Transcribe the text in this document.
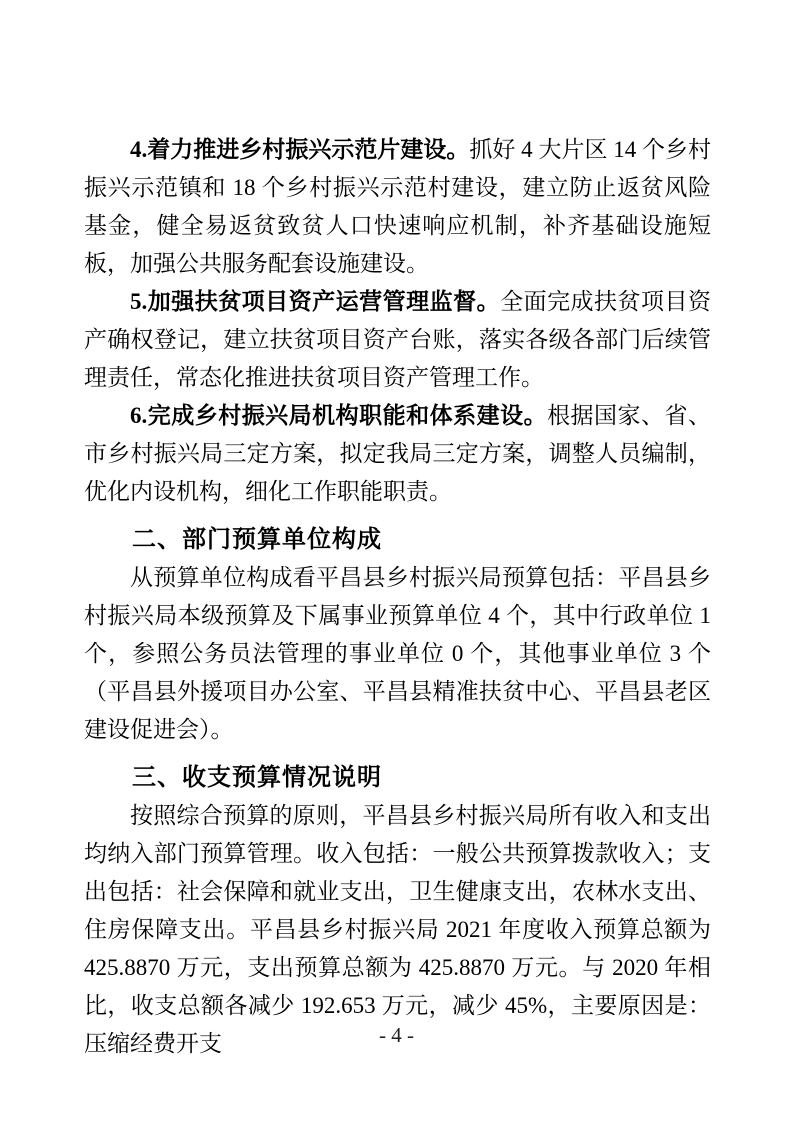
4.着力推进乡村振兴示范片建设。抓好 4 大片区 14 个乡村振兴示范镇和 18 个乡村振兴示范村建设，建立防止返贫风险基金，健全易返贫致贫人口快速响应机制，补齐基础设施短板，加强公共服务配套设施建设。

5.加强扶贫项目资产运营管理监督。全面完成扶贫项目资产确权登记，建立扶贫项目资产台账，落实各级各部门后续管理责任，常态化推进扶贫项目资产管理工作。

6.完成乡村振兴局机构职能和体系建设。根据国家、省、市乡村振兴局三定方案，拟定我局三定方案，调整人员编制，优化内设机构，细化工作职能职责。

二、部门预算单位构成

从预算单位构成看平昌县乡村振兴局预算包括：平昌县乡村振兴局本级预算及下属事业预算单位 4 个，其中行政单位 1 个，参照公务员法管理的事业单位 0 个，其他事业单位 3 个（平昌县外援项目办公室、平昌县精准扶贫中心、平昌县老区建设促进会）。

三、收支预算情况说明

按照综合预算的原则，平昌县乡村振兴局所有收入和支出均纳入部门预算管理。收入包括：一般公共预算拨款收入；支出包括：社会保障和就业支出，卫生健康支出，农林水支出、住房保障支出。平昌县乡村振兴局 2021 年度收入预算总额为 425.8870 万元，支出预算总额为 425.8870 万元。与 2020 年相比，收支总额各减少 192.653 万元，减少 45%，主要原因是：压缩经费开支	- 4 -
